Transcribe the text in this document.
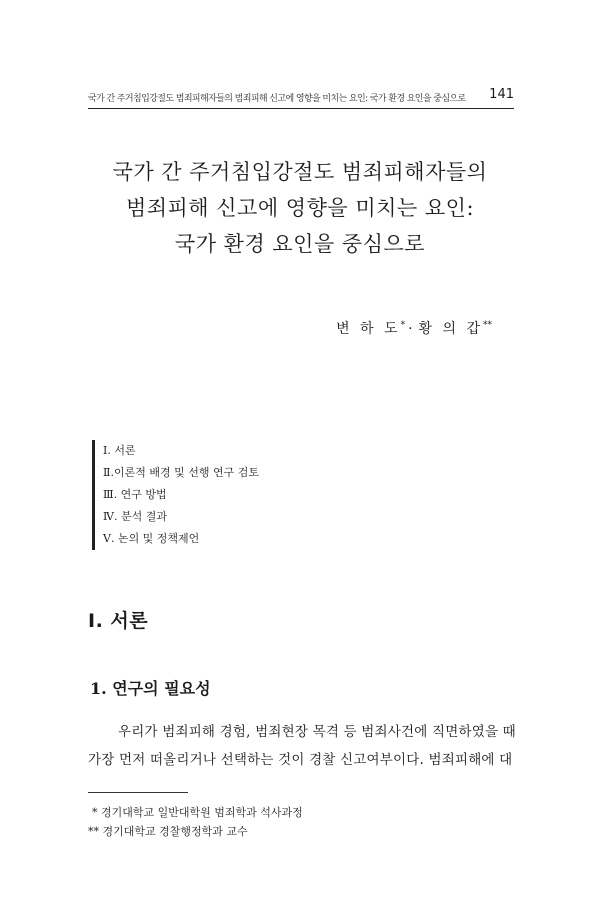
국가 간 주거침입강절도 범죄피해자들의 범죄피해 신고에 영향을 미치는 요인: 국가 환경 요인을 중심으로 141
국가 간 주거침입강절도 범죄피해자들의
범죄피해 신고에 영향을 미치는 요인:
국가 환경 요인을 중심으로
변 하 도* · 황 의 갑**
Ⅰ. 서론
Ⅱ.이론적 배경 및 선행 연구 검토
Ⅲ. 연구 방법
Ⅳ. 분석 결과
Ⅴ. 논의 및 정책제언
Ⅰ. 서론
1. 연구의 필요성

우리가 범죄피해 경험, 범죄현장 목격 등 범죄사건에 직면하였을 때

가장 먼저 떠올리거나 선택하는 것이 경찰 신고여부이다. 범죄피해에 대

* 경기대학교 일반대학원 범죄학과 석사과정
** 경기대학교 경찰행정학과 교수
